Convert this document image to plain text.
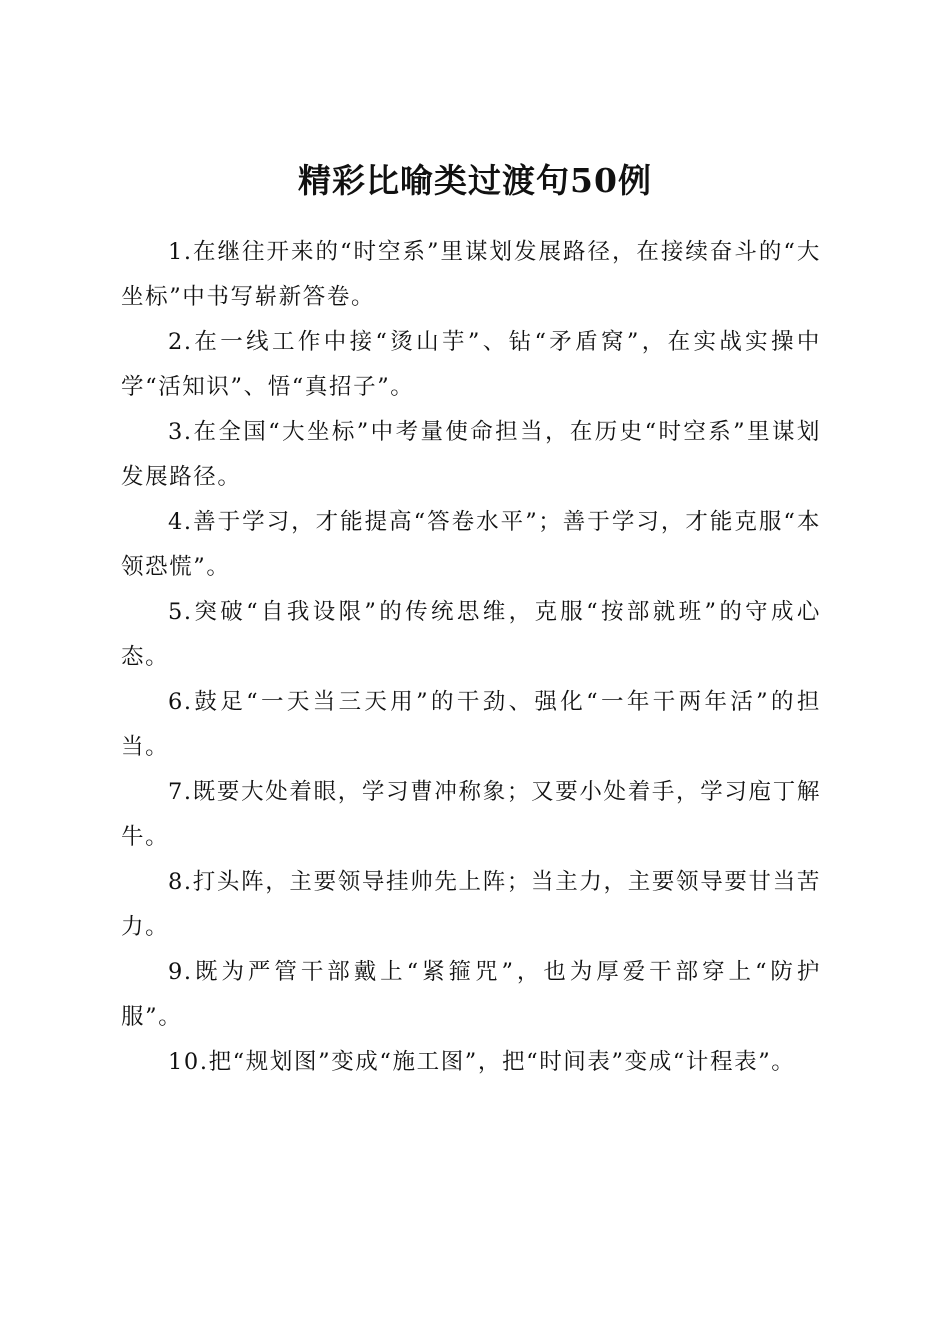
精彩比喻类过渡句50例

1.在继往开来的“时空系”里谋划发展路径，在接续奋斗的“大坐标”中书写崭新答卷。

2.在一线工作中接“烫山芋”、钻“矛盾窝”，在实战实操中学“活知识”、悟“真招子”。

3.在全国“大坐标”中考量使命担当，在历史“时空系”里谋划发展路径。

4.善于学习，才能提高“答卷水平”；善于学习，才能克服“本领恐慌”。

5.突破“自我设限”的传统思维，克服“按部就班”的守成心态。

6.鼓足“一天当三天用”的干劲、强化“一年干两年活”的担当。

7.既要大处着眼，学习曹冲称象；又要小处着手，学习庖丁解牛。

8.打头阵，主要领导挂帅先上阵；当主力，主要领导要甘当苦力。

9.既为严管干部戴上“紧箍咒”，也为厚爱干部穿上“防护服”。

10.把“规划图”变成“施工图”，把“时间表”变成“计程表”。
